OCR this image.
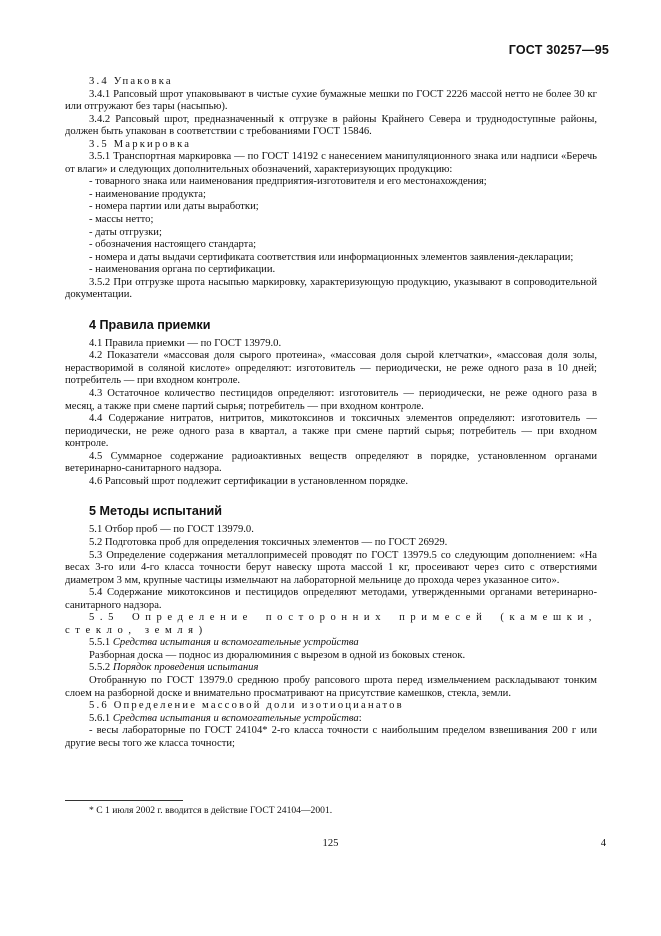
ГОСТ 30257—95

3.4 Упаковка

3.4.1 Рапсовый шрот упаковывают в чистые сухие бумажные мешки по ГОСТ 2226 массой нетто не более 30 кг или отгружают без тары (насыпью).

3.4.2 Рапсовый шрот, предназначенный к отгрузке в районы Крайнего Севера и труднодоступные районы, должен быть упакован в соответствии с требованиями ГОСТ 15846.

3.5 Маркировка

3.5.1 Транспортная маркировка — по ГОСТ 14192 с нанесением манипуляционного знака или надписи «Беречь от влаги» и следующих дополнительных обозначений, характеризующих продукцию:

- товарного знака или наименования предприятия-изготовителя и его местонахождения;

- наименование продукта;

- номера партии или даты выработки;

- массы нетто;

- даты отгрузки;

- обозначения настоящего стандарта;

- номера и даты выдачи сертификата соответствия или информационных элементов заявления-декларации;

- наименования органа по сертификации.

3.5.2 При отгрузке шрота насыпью маркировку, характеризующую продукцию, указывают в сопроводительной документации.

4 Правила приемки

4.1 Правила приемки — по ГОСТ 13979.0.

4.2 Показатели «массовая доля сырого протеина», «массовая доля сырой клетчатки», «массовая доля золы, нерастворимой в соляной кислоте» определяют: изготовитель — периодически, не реже одного раза в 10 дней; потребитель — при входном контроле.

4.3 Остаточное количество пестицидов определяют: изготовитель — периодически, не реже одного раза в месяц, а также при смене партий сырья; потребитель — при входном контроле.

4.4 Содержание нитратов, нитритов, микотоксинов и токсичных элементов определяют: изготовитель — периодически, не реже одного раза в квартал, а также при смене партий сырья; потребитель — при входном контроле.

4.5 Суммарное содержание радиоактивных веществ определяют в порядке, установленном органами ветеринарно-санитарного надзора.

4.6 Рапсовый шрот подлежит сертификации в установленном порядке.

5 Методы испытаний

5.1 Отбор проб — по ГОСТ 13979.0.

5.2 Подготовка проб для определения токсичных элементов — по ГОСТ 26929.

5.3 Определение содержания металлопримесей проводят по ГОСТ 13979.5 со следующим дополнением: «На весах 3-го или 4-го класса точности берут навеску шрота массой 1 кг, просеивают через сито с отверстиями диаметром 3 мм, крупные частицы измельчают на лабораторной мельнице до прохода через указанное сито».

5.4 Содержание микотоксинов и пестицидов определяют методами, утвержденными органами ветеринарно-санитарного надзора.

5.5 Определение посторонних примесей (камешки, стекло, земля)

5.5.1 Средства испытания и вспомогательные устройства

Разборная доска — поднос из дюралюминия с вырезом в одной из боковых стенок.

5.5.2 Порядок проведения испытания

Отобранную по ГОСТ 13979.0 среднюю пробу рапсового шрота перед измельчением раскладывают тонким слоем на разборной доске и внимательно просматривают на присутствие камешков, стекла, земли.

5.6 Определение массовой доли изотиоцианатов

5.6.1 Средства испытания и вспомогательные устройства:

- весы лабораторные по ГОСТ 24104* 2-го класса точности с наибольшим пределом взвешивания 200 г или другие весы того же класса точности;

* С 1 июля 2002 г. вводится в действие ГОСТ 24104—2001.
125	4
